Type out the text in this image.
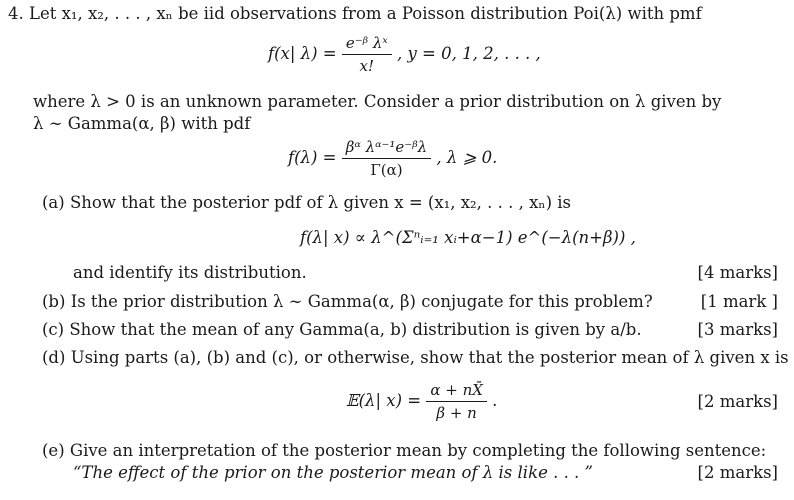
4. Let x₁, x₂, . . . , xₙ be iid observations from a Poisson distribution Poi(λ) with pmf
f(x| $\lambda) = \frac{\text{e⁻ᵝ λˣ}}{x!}$ , y = 0, 1, 2, . . . ,
where λ > 0 is an unknown parameter. Consider a prior distribution on λ given by
λ ∼ Gamma(α, β) with pdf
$f(\lambda) = \frac{\text{βᵅ λᵅ⁻¹e⁻ᵝλ}}{\Gamma(\alpha)}$ , λ ⩾ 0.
(a) Show that the posterior pdf of λ given x = (x₁, x₂, . . . , xₙ) is
f(λ| x) ∝ λ^(Σⁿᵢ₌₁ xᵢ+α−1) e^(−λ(n+β)) ,
and identify its distribution.	[4 marks]
(b) Is the prior distribution λ ∼ Gamma(α, β) conjugate for this problem?	[1 mark ]
(c) Show that the mean of any Gamma(a, b) distribution is given by a/b.	[3 marks]
(d) Using parts (a), (b) and (c), or otherwise, show that the posterior mean of λ given x is
𝔼(λ| $x) = \frac{\alpha + nX̄}{\beta + n}$ .	[2 marks]
(e) Give an interpretation of the posterior mean by completing the following sentence:
“The effect of the prior on the posterior mean of λ is like . . . ”	[2 marks]
